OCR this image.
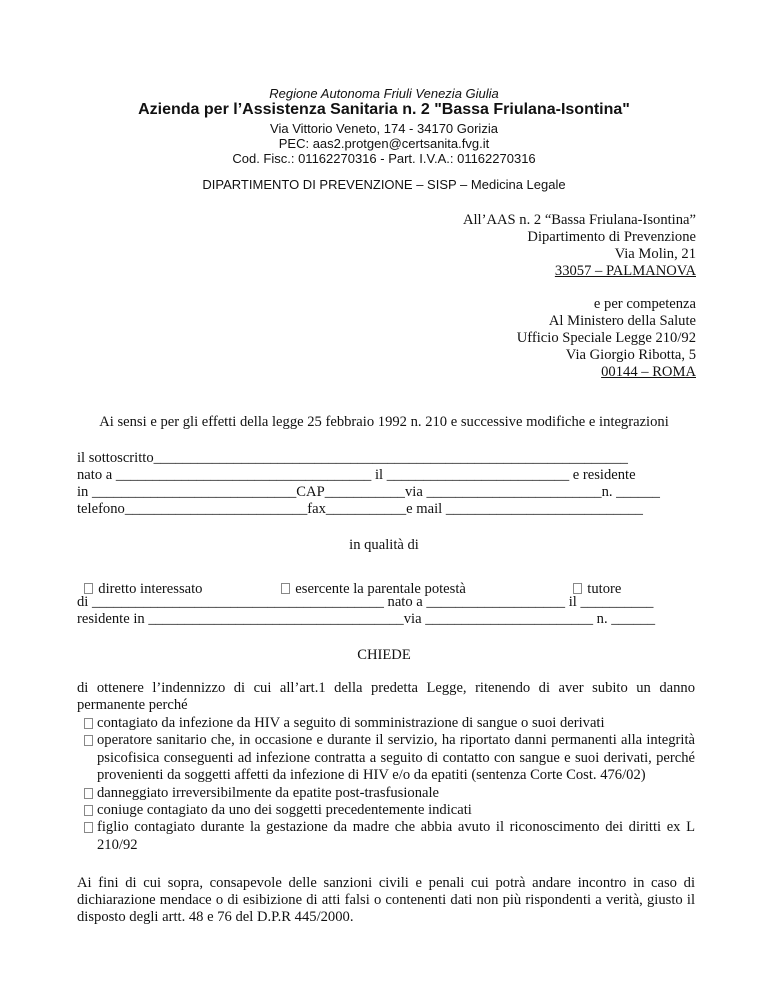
Regione Autonoma Friuli Venezia Giulia
Azienda per l’Assistenza Sanitaria n. 2 "Bassa Friulana-Isontina"
Via Vittorio Veneto, 174 - 34170 Gorizia
PEC: aas2.protgen@certsanita.fvg.it
Cod. Fisc.: 01162270316 - Part. I.V.A.: 01162270316
DIPARTIMENTO DI PREVENZIONE – SISP – Medicina Legale
All’AAS n. 2 “Bassa Friulana-Isontina”
Dipartimento di Prevenzione
Via Molin, 21
33057 – PALMANOVA
e per competenza
Al Ministero della Salute
Ufficio Speciale Legge 210/92
Via Giorgio Ribotta, 5
00144 – ROMA
Ai sensi e per gli effetti della legge 25 febbraio 1992 n. 210 e successive modifiche e integrazioni
il sottoscritto_________________________________________________________________
nato a ___________________________________ il _________________________ e residente
in ____________________________CAP___________via ________________________n. ______
telefono_________________________fax___________e mail ___________________________
in qualità di

diretto interessato	esercente la parentale potestà	tutore

di ________________________________________ nato a ___________________ il __________
residente in ___________________________________via _______________________ n. ______
CHIEDE
di ottenere l’indennizzo di cui all’art.1 della predetta Legge, ritenendo di aver subito un danno permanente perché
contagiato da infezione da HIV a seguito di somministrazione di sangue o suoi derivati
operatore sanitario che, in occasione e durante il servizio, ha riportato danni permanenti alla integrità psicofisica conseguenti ad infezione contratta a seguito di contatto con sangue e suoi derivati, perché provenienti da soggetti affetti da infezione di HIV e/o da epatiti (sentenza Corte Cost. 476/02)
danneggiato irreversibilmente da epatite post-trasfusionale
coniuge contagiato da uno dei soggetti precedentemente indicati
figlio contagiato durante la gestazione da madre che abbia avuto il riconoscimento dei diritti ex L 210/92
Ai fini di cui sopra, consapevole delle sanzioni civili e penali cui potrà andare incontro in caso di dichiarazione mendace o di esibizione di atti falsi o contenenti dati non più rispondenti a verità, giusto il disposto degli artt. 48 e 76 del D.P.R 445/2000.
